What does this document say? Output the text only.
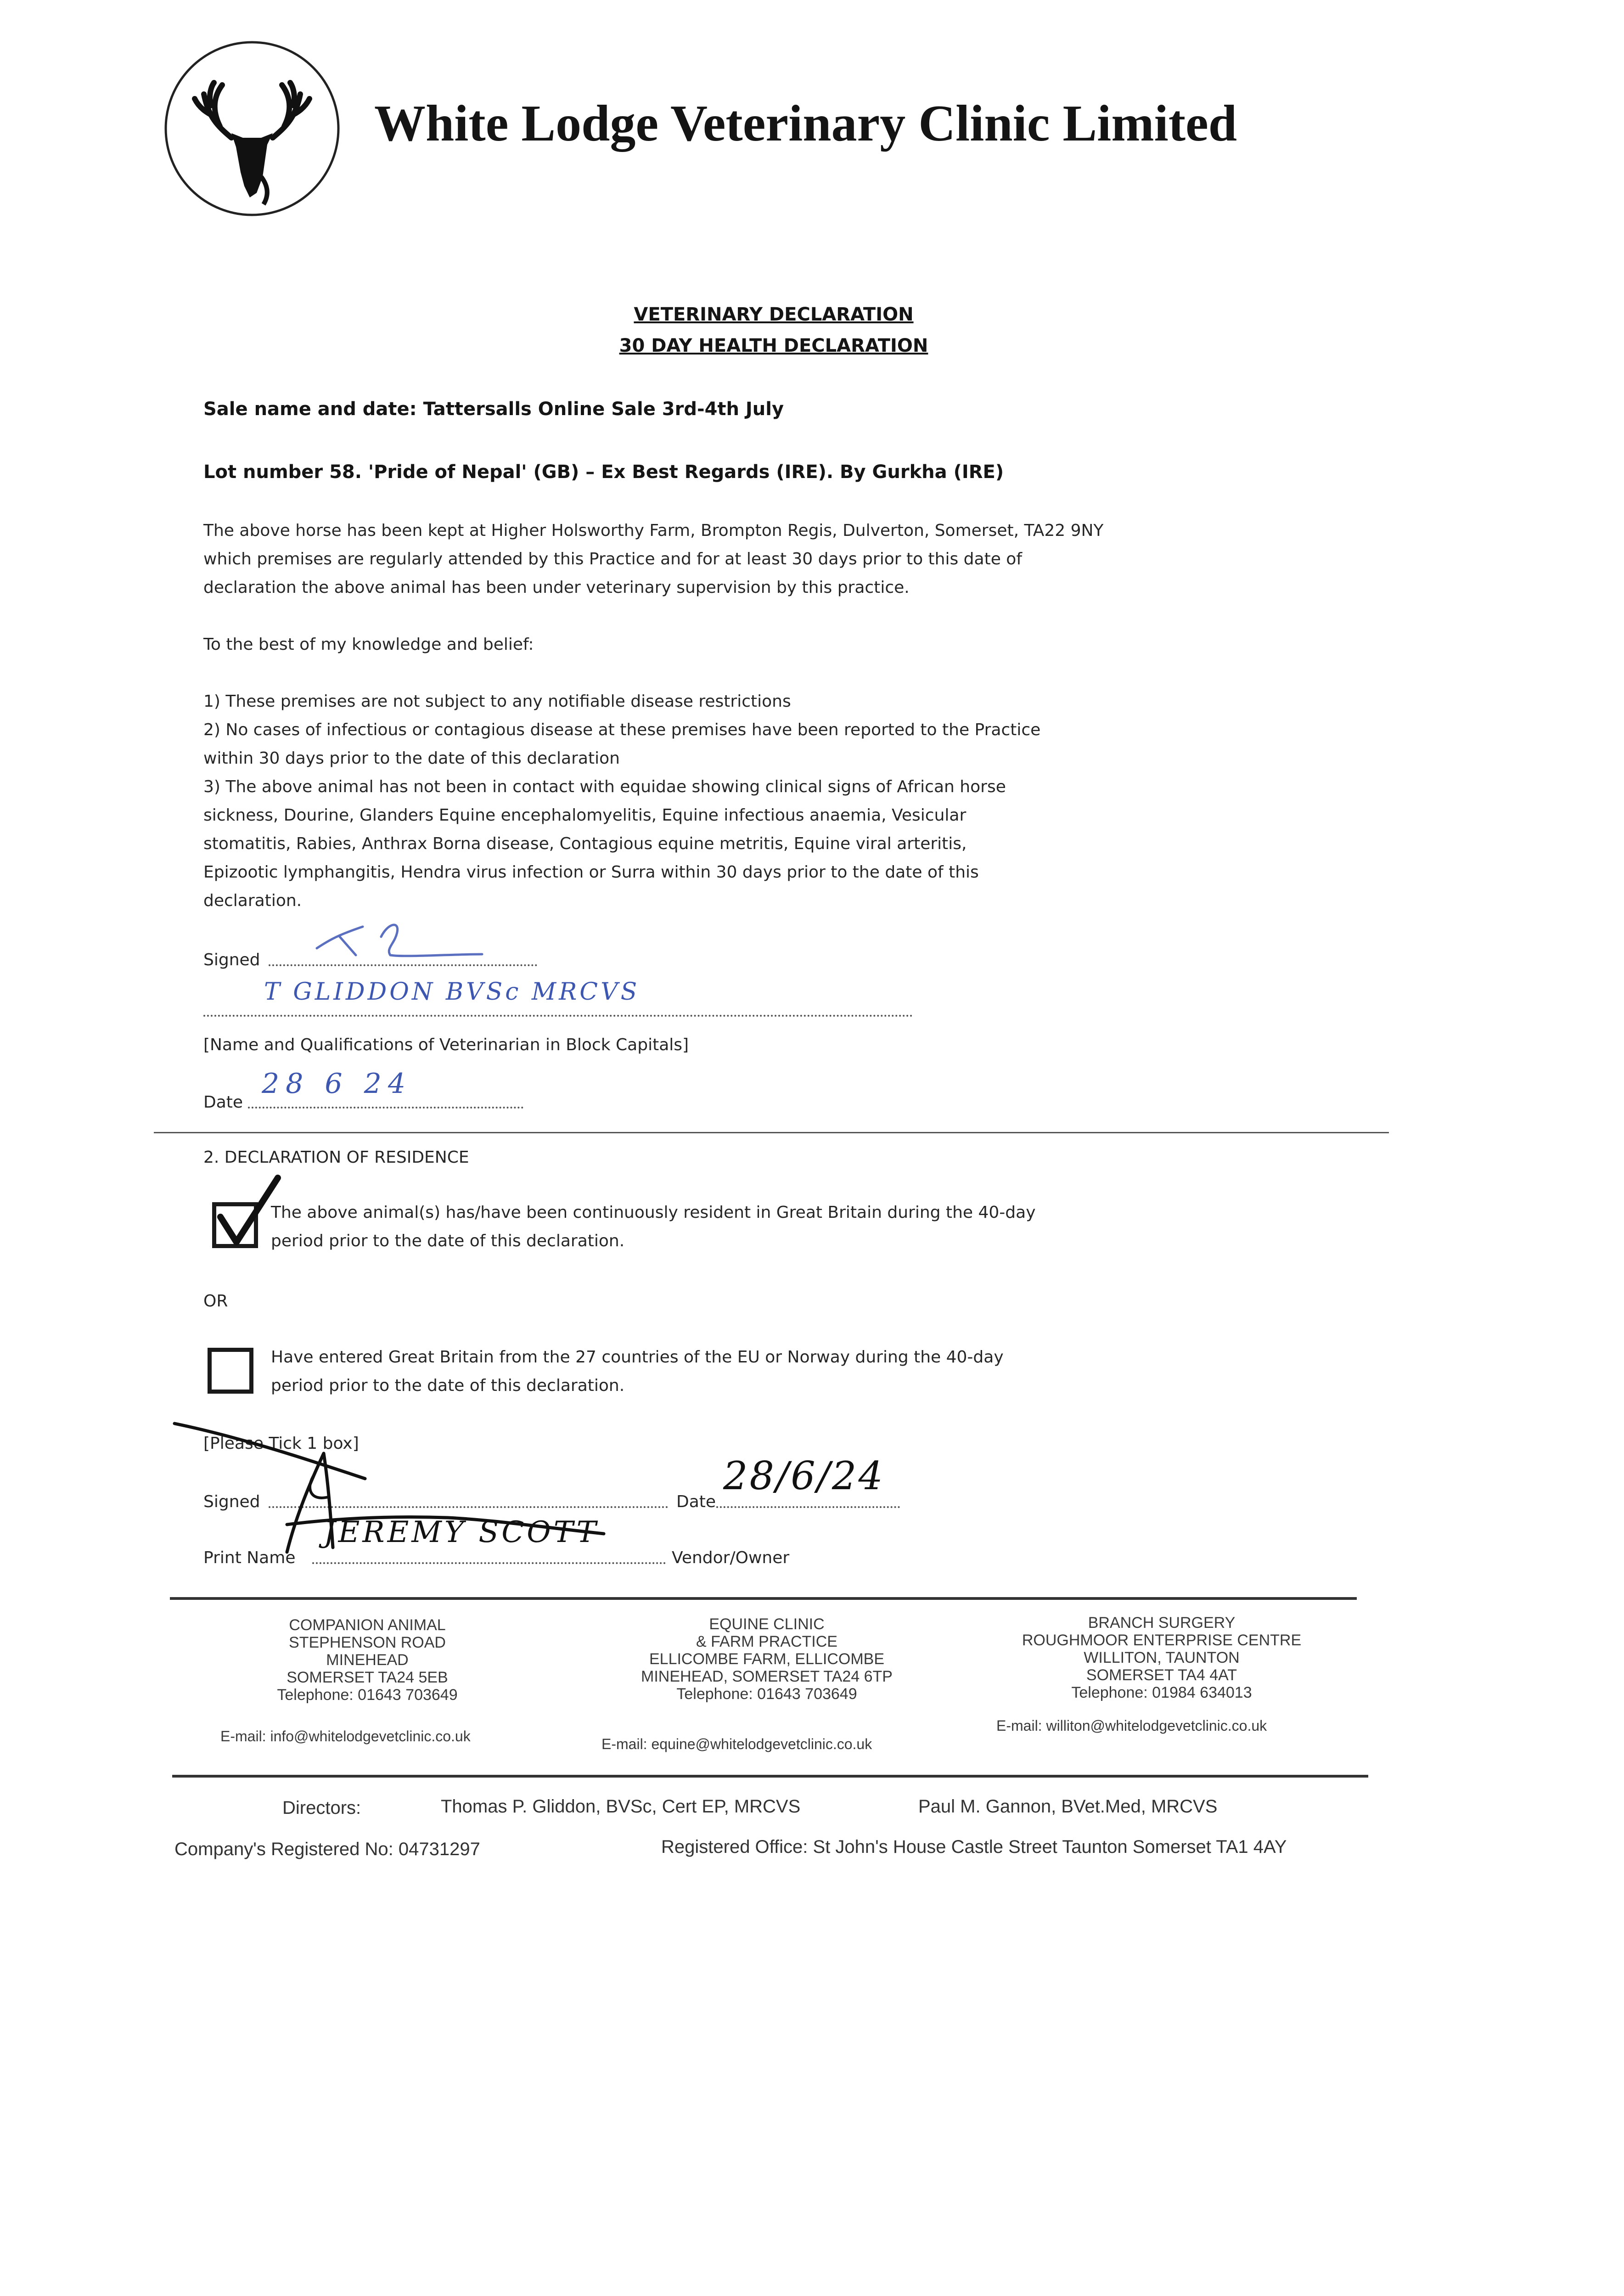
White Lodge Veterinary Clinic Limited
VETERINARY DECLARATION
30 DAY HEALTH DECLARATION
Sale name and date: Tattersalls Online Sale 3rd-4th July
Lot number 58. 'Pride of Nepal' (GB) – Ex Best Regards (IRE). By Gurkha (IRE)
The above horse has been kept at Higher Holsworthy Farm, Brompton Regis, Dulverton, Somerset, TA22 9NY
which premises are regularly attended by this Practice and for at least 30 days prior to this date of
declaration the above animal has been under veterinary supervision by this practice.
To the best of my knowledge and belief:
1) These premises are not subject to any notifiable disease restrictions
2) No cases of infectious or contagious disease at these premises have been reported to the Practice
within 30 days prior to the date of this declaration
3) The above animal has not been in contact with equidae showing clinical signs of African horse
sickness, Dourine, Glanders Equine encephalomyelitis, Equine infectious anaemia, Vesicular
stomatitis, Rabies, Anthrax Borna disease, Contagious equine metritis, Equine viral arteritis,
Epizootic lymphangitis, Hendra virus infection or Surra within 30 days prior to the date of this
declaration.
Signed
T GLIDDON BVSc MRCVS
[Name and Qualifications of Veterinarian in Block Capitals]
Date
28 6 24
2. DECLARATION OF RESIDENCE
The above animal(s) has/have been continuously resident in Great Britain during the 40-day
period prior to the date of this declaration.
OR
Have entered Great Britain from the 27 countries of the EU or Norway during the 40-day
period prior to the date of this declaration.
[Please Tick 1 box]
Signed	Date
28/6/24
Print Name
JEREMY SCOTT
Vendor/Owner
COMPANION ANIMAL
STEPHENSON ROAD
MINEHEAD
SOMERSET TA24 5EB
Telephone: 01643 703649
E-mail: info@whitelodgevetclinic.co.uk
EQUINE CLINIC
& FARM PRACTICE
ELLICOMBE FARM, ELLICOMBE
MINEHEAD, SOMERSET TA24 6TP
Telephone: 01643 703649
E-mail: equine@whitelodgevetclinic.co.uk
BRANCH SURGERY
ROUGHMOOR ENTERPRISE CENTRE
WILLITON, TAUNTON
SOMERSET TA4 4AT
Telephone: 01984 634013
E-mail: williton@whitelodgevetclinic.co.uk
Directors:	Thomas P. Gliddon, BVSc, Cert EP, MRCVS	Paul M. Gannon, BVet.Med, MRCVS
Company's Registered No: 04731297	Registered Office: St John's House Castle Street Taunton Somerset TA1 4AY
